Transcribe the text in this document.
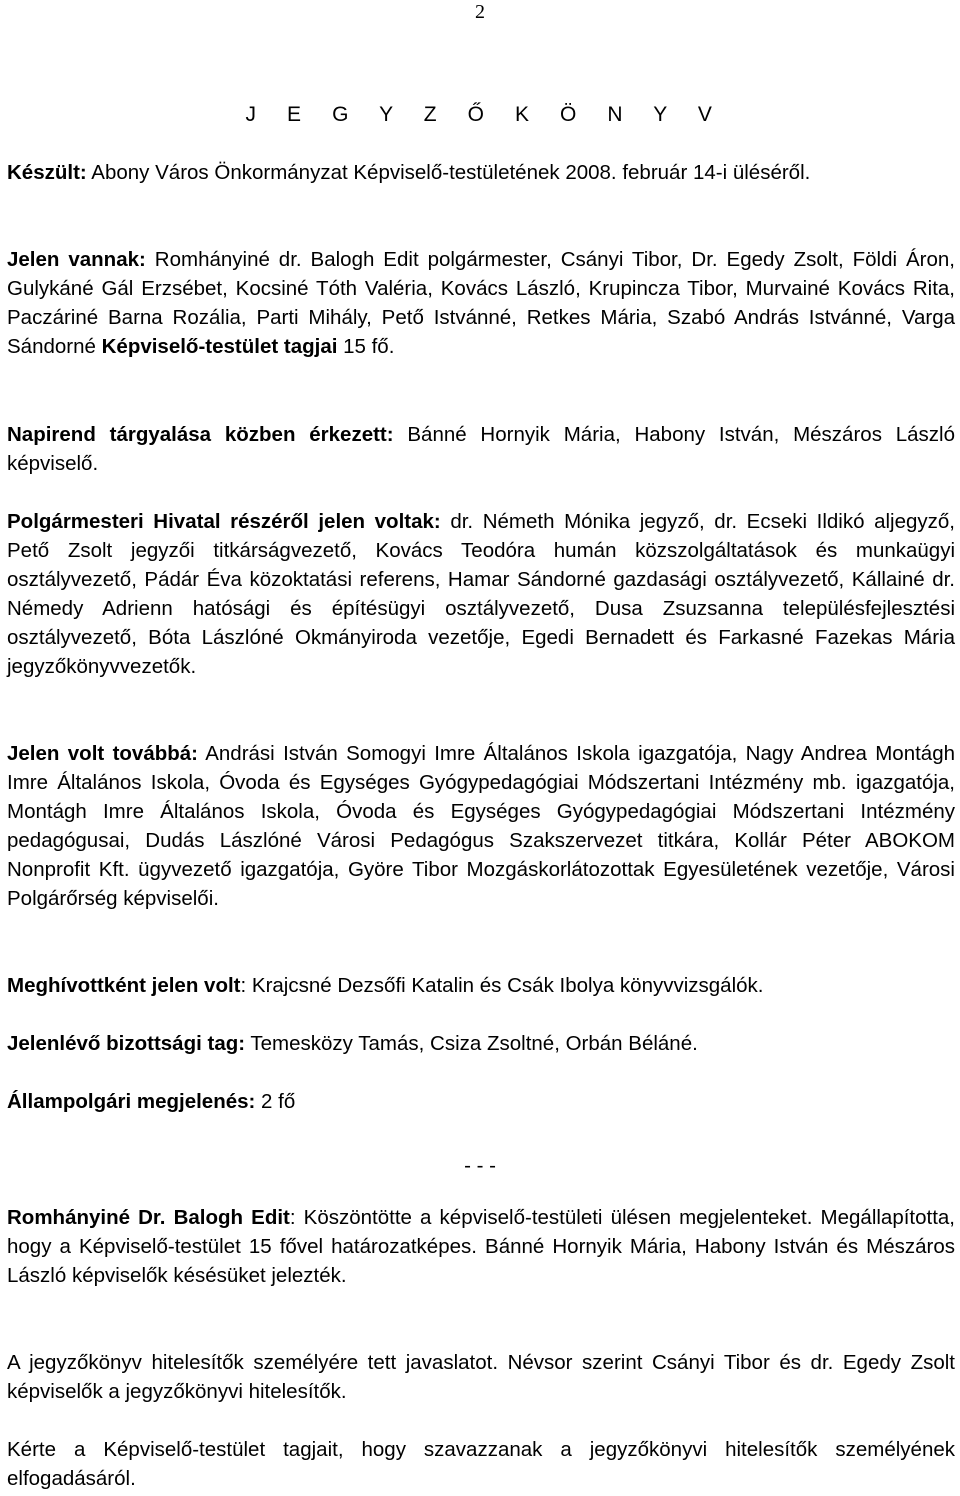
2
J E G Y Z Ő K Ö N Y V
Készült: Abony Város Önkormányzat Képviselő-testületének 2008. február 14-i üléséről.
Jelen vannak: Romhányiné dr. Balogh Edit polgármester, Csányi Tibor, Dr. Egedy Zsolt, Földi Áron, Gulykáné Gál Erzsébet, Kocsiné Tóth Valéria, Kovács László, Krupincza Tibor, Murvainé Kovács Rita, Paczáriné Barna Rozália, Parti Mihály, Pető Istvánné, Retkes Mária, Szabó András Istvánné, Varga Sándorné Képviselő-testület tagjai 15 fő.
Napirend tárgyalása közben érkezett: Bánné Hornyik Mária, Habony István, Mészáros László képviselő.
Polgármesteri Hivatal részéről jelen voltak: dr. Németh Mónika jegyző, dr. Ecseki Ildikó aljegyző, Pető Zsolt jegyzői titkárságvezető, Kovács Teodóra humán közszolgáltatások és munkaügyi osztályvezető, Pádár Éva közoktatási referens, Hamar Sándorné gazdasági osztályvezető, Kállainé dr. Némedy Adrienn hatósági és építésügyi osztályvezető, Dusa Zsuzsanna településfejlesztési osztályvezető, Bóta Lászlóné Okmányiroda vezetője, Egedi Bernadett és Farkasné Fazekas Mária jegyzőkönyvvezetők.
Jelen volt továbbá: Andrási István Somogyi Imre Általános Iskola igazgatója, Nagy Andrea Montágh Imre Általános Iskola, Óvoda és Egységes Gyógypedagógiai Módszertani Intézmény mb. igazgatója, Montágh Imre Általános Iskola, Óvoda és Egységes Gyógypedagógiai Módszertani Intézmény pedagógusai, Dudás Lászlóné Városi Pedagógus Szakszervezet titkára, Kollár Péter ABOKOM Nonprofit Kft. ügyvezető igazgatója, Györe Tibor Mozgáskorlátozottak Egyesületének vezetője, Városi Polgárőrség képviselői.
Meghívottként jelen volt: Krajcsné Dezsőfi Katalin és Csák Ibolya könyvvizsgálók.
Jelenlévő bizottsági tag: Temesközy Tamás, Csiza Zsoltné, Orbán Béláné.
Állampolgári megjelenés: 2 fő
- - -
Romhányiné Dr. Balogh Edit: Köszöntötte a képviselő-testületi ülésen megjelenteket. Megállapította, hogy a Képviselő-testület 15 fővel határozatképes. Bánné Hornyik Mária, Habony István és Mészáros László képviselők késésüket jelezték.
A jegyzőkönyv hitelesítők személyére tett javaslatot. Névsor szerint Csányi Tibor és dr. Egedy Zsolt képviselők a jegyzőkönyvi hitelesítők.
Kérte a Képviselő-testület tagjait, hogy szavazzanak a jegyzőkönyvi hitelesítők személyének elfogadásáról.
